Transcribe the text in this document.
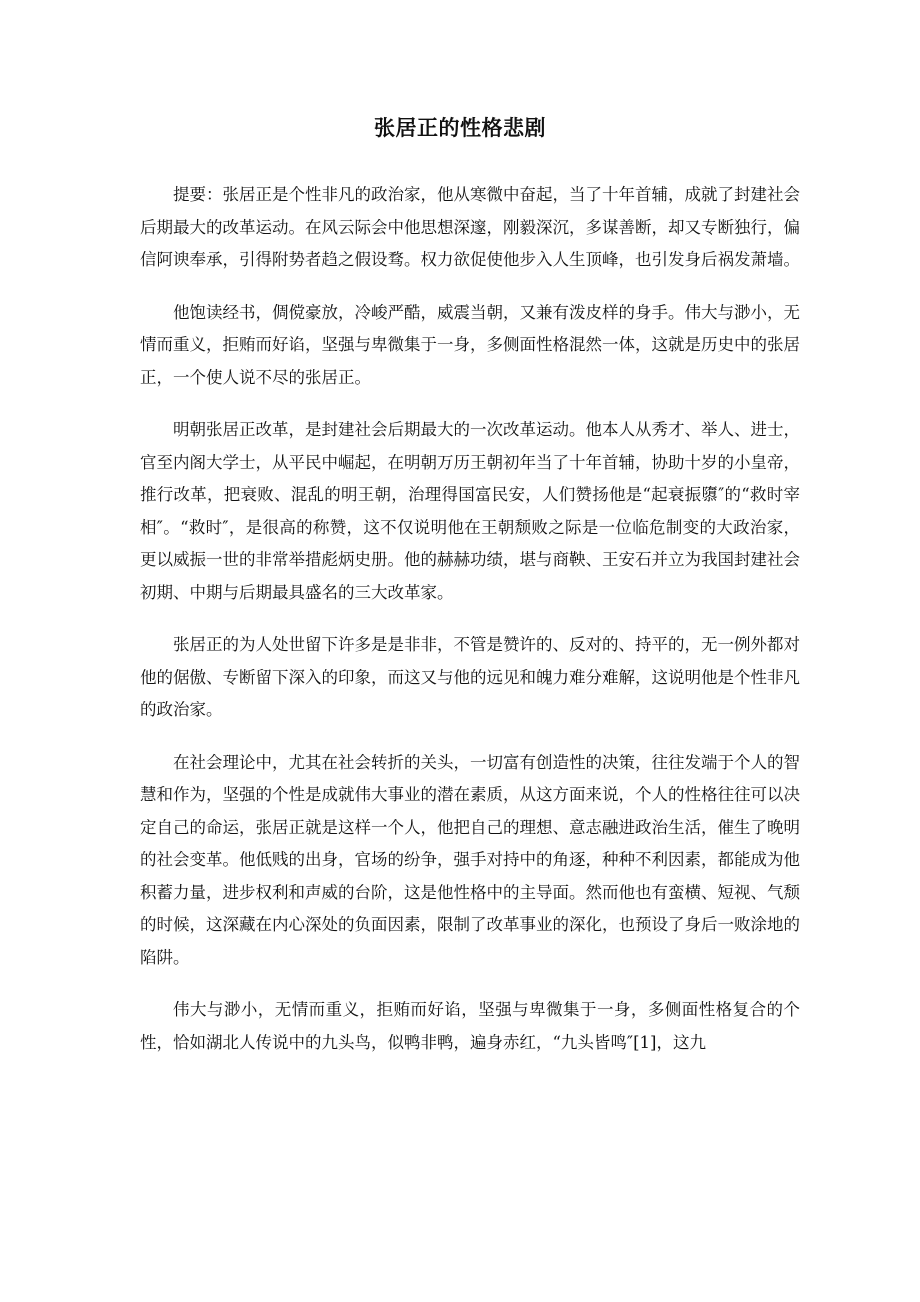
张居正的性格悲剧

提要：张居正是个性非凡的政治家，他从寒微中奋起，当了十年首辅，成就了封建社会后期最大的改革运动。在风云际会中他思想深邃，刚毅深沉，多谋善断，却又专断独行，偏信阿谀奉承，引得附势者趋之假设骛。权力欲促使他步入人生顶峰，也引发身后祸发萧墙。

他饱读经书，倜傥豪放，冷峻严酷，威震当朝，又兼有泼皮样的身手。伟大与渺小，无情而重义，拒贿而好谄，坚强与卑微集于一身，多侧面性格混然一体，这就是历史中的张居正，一个使人说不尽的张居正。

明朝张居正改革，是封建社会后期最大的一次改革运动。他本人从秀才、举人、进士，官至内阁大学士，从平民中崛起，在明朝万历王朝初年当了十年首辅，协助十岁的小皇帝，推行改革，把衰败、混乱的明王朝，治理得国富民安，人们赞扬他是“起衰振隳″的“救时宰相″。“救时″，是很高的称赞，这不仅说明他在王朝颓败之际是一位临危制变的大政治家，更以威振一世的非常举措彪炳史册。他的赫赫功绩，堪与商鞅、王安石并立为我国封建社会初期、中期与后期最具盛名的三大改革家。

张居正的为人处世留下许多是是非非，不管是赞许的、反对的、持平的，无一例外都对他的倨傲、专断留下深入的印象，而这又与他的远见和魄力难分难解，这说明他是个性非凡的政治家。

在社会理论中，尤其在社会转折的关头，一切富有创造性的决策，往往发端于个人的智慧和作为，坚强的个性是成就伟大事业的潜在素质，从这方面来说，个人的性格往往可以决定自己的命运，张居正就是这样一个人，他把自己的理想、意志融进政治生活，催生了晚明的社会变革。他低贱的出身，官场的纷争，强手对持中的角逐，种种不利因素，都能成为他积蓄力量，进步权利和声威的台阶，这是他性格中的主导面。然而他也有蛮横、短视、气颓的时候，这深藏在内心深处的负面因素，限制了改革事业的深化，也预设了身后一败涂地的陷阱。

伟大与渺小，无情而重义，拒贿而好谄，坚强与卑微集于一身，多侧面性格复合的个性，恰如湖北人传说中的九头鸟，似鸭非鸭，遍身赤红，“九头皆鸣″[1]，这九
